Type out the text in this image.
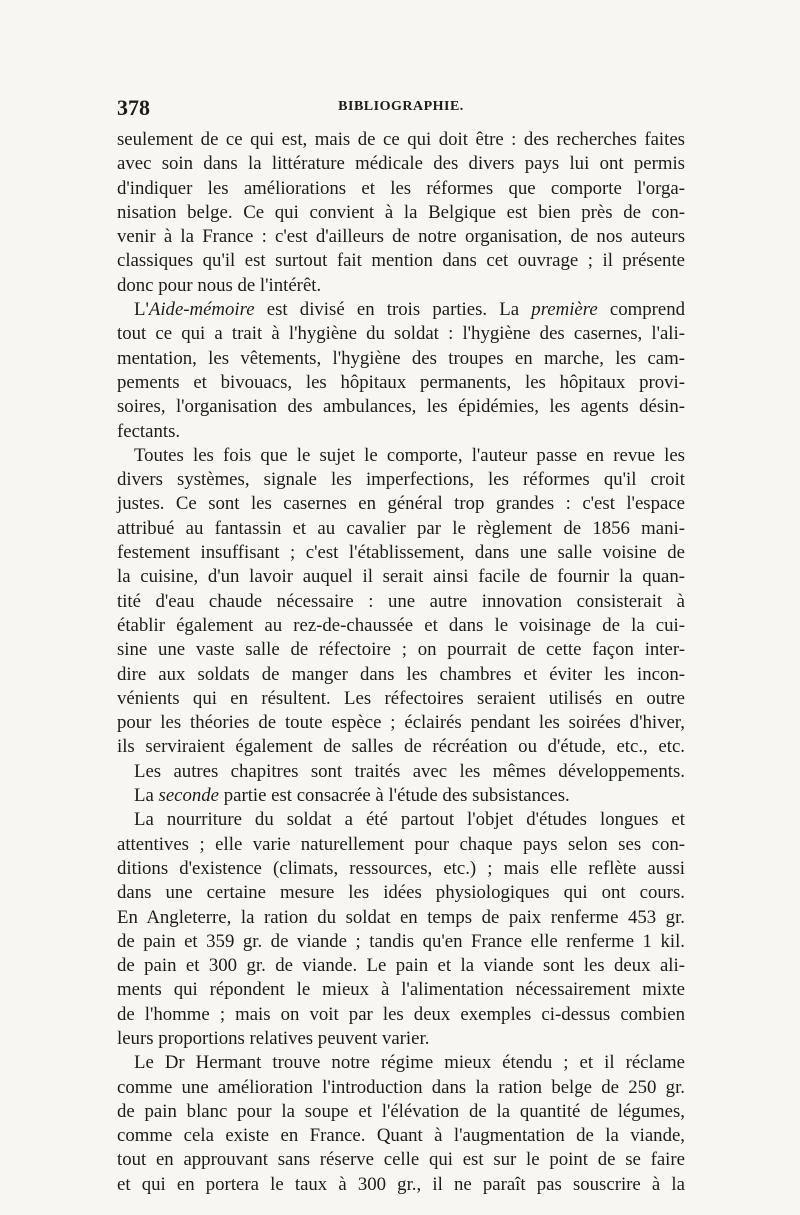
378	BIBLIOGRAPHIE.
seulement de ce qui est, mais de ce qui doit être : des recherches faites
avec soin dans la littérature médicale des divers pays lui ont permis
d'indiquer les améliorations et les réformes que comporte l'orga-
nisation belge. Ce qui convient à la Belgique est bien près de con-
venir à la France : c'est d'ailleurs de notre organisation, de nos auteurs
classiques qu'il est surtout fait mention dans cet ouvrage ; il présente
donc pour nous de l'intérêt.
L'Aide-mémoire est divisé en trois parties. La première comprend
tout ce qui a trait à l'hygiène du soldat : l'hygiène des casernes, l'ali-
mentation, les vêtements, l'hygiène des troupes en marche, les cam-
pements et bivouacs, les hôpitaux permanents, les hôpitaux provi-
soires, l'organisation des ambulances, les épidémies, les agents désin-
fectants.
Toutes les fois que le sujet le comporte, l'auteur passe en revue les
divers systèmes, signale les imperfections, les réformes qu'il croit
justes. Ce sont les casernes en général trop grandes : c'est l'espace
attribué au fantassin et au cavalier par le règlement de 1856 mani-
festement insuffisant ; c'est l'établissement, dans une salle voisine de
la cuisine, d'un lavoir auquel il serait ainsi facile de fournir la quan-
tité d'eau chaude nécessaire : une autre innovation consisterait à
établir également au rez-de-chaussée et dans le voisinage de la cui-
sine une vaste salle de réfectoire ; on pourrait de cette façon inter-
dire aux soldats de manger dans les chambres et éviter les incon-
vénients qui en résultent. Les réfectoires seraient utilisés en outre
pour les théories de toute espèce ; éclairés pendant les soirées d'hiver,
ils serviraient également de salles de récréation ou d'étude, etc., etc.
Les autres chapitres sont traités avec les mêmes développements.
La seconde partie est consacrée à l'étude des subsistances.
La nourriture du soldat a été partout l'objet d'études longues et
attentives ; elle varie naturellement pour chaque pays selon ses con-
ditions d'existence (climats, ressources, etc.) ; mais elle reflète aussi
dans une certaine mesure les idées physiologiques qui ont cours.
En Angleterre, la ration du soldat en temps de paix renferme 453 gr.
de pain et 359 gr. de viande ; tandis qu'en France elle renferme 1 kil.
de pain et 300 gr. de viande. Le pain et la viande sont les deux ali-
ments qui répondent le mieux à l'alimentation nécessairement mixte
de l'homme ; mais on voit par les deux exemples ci-dessus combien
leurs proportions relatives peuvent varier.
Le Dr Hermant trouve notre régime mieux étendu ; et il réclame
comme une amélioration l'introduction dans la ration belge de 250 gr.
de pain blanc pour la soupe et l'élévation de la quantité de légumes,
comme cela existe en France. Quant à l'augmentation de la viande,
tout en approuvant sans réserve celle qui est sur le point de se faire
et qui en portera le taux à 300 gr., il ne paraît pas souscrire à la
